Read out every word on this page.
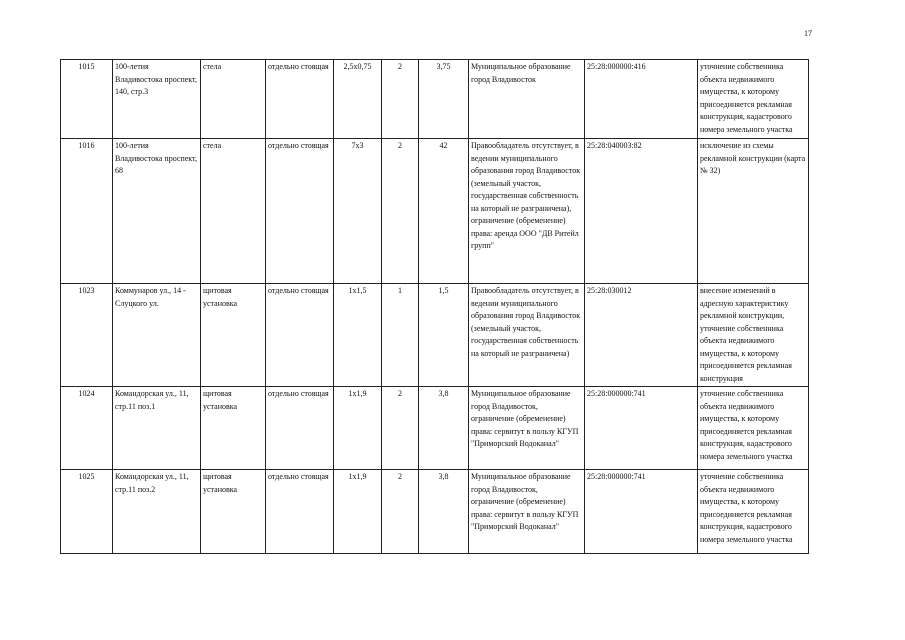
17
1015	100-летия Владивостока проспект, 140, стр.3	стела	отдельно стоящая	2,5x0,75	2	3,75	Муниципальное образование город Владивосток	25:28:000000:416	уточнение собственника объекта недвижимого имущества, к которому присоединяется рекламная конструкция, кадастрового номера земельного участка
1016	100-летия Владивостока проспект, 68	стела	отдельно стоящая	7x3	2	42	Правообладатель отсутствует, в ведении муниципального образования город Владивосток (земельный участок, государственная собственность на который не разграничена), ограничение (обременение) права: аренда ООО "ДВ Ритейл групп"	25:28:040003:82	исключение из схемы рекламной конструкции (карта № 32)
1023	Коммунаров ул., 14 - Слуцкого ул.	щитовая установка	отдельно стоящая	1x1,5	1	1,5	Правообладатель отсутствует, в ведении муниципального образования город Владивосток (земельный участок, государственная собственность на который не разграничена)	25:28:030012	внесение изменений в адресную характеристику рекламной конструкции, уточнение собственника объекта недвижимого имущества, к которому присоединяется рекламная конструкция
1024	Командорская ул., 11, стр.11 поз.1	щитовая установка	отдельно стоящая	1x1,9	2	3,8	Муниципальное образование город Владивосток, ограничение (обременение) права: сервитут в пользу КГУП "Приморский Водоканал"	25:28:000000:741	уточнение собственника объекта недвижимого имущества, к которому присоединяется рекламная конструкция, кадастрового номера земельного участка
1025	Командорская ул., 11, стр.11 поз.2	щитовая установка	отдельно стоящая	1x1,9	2	3,8	Муниципальное образование город Владивосток, ограничение (обременение) права: сервитут в пользу КГУП "Приморский Водоканал"	25:28:000000:741	уточнение собственника объекта недвижимого имущества, к которому присоединяется рекламная конструкция, кадастрового номера земельного участка
